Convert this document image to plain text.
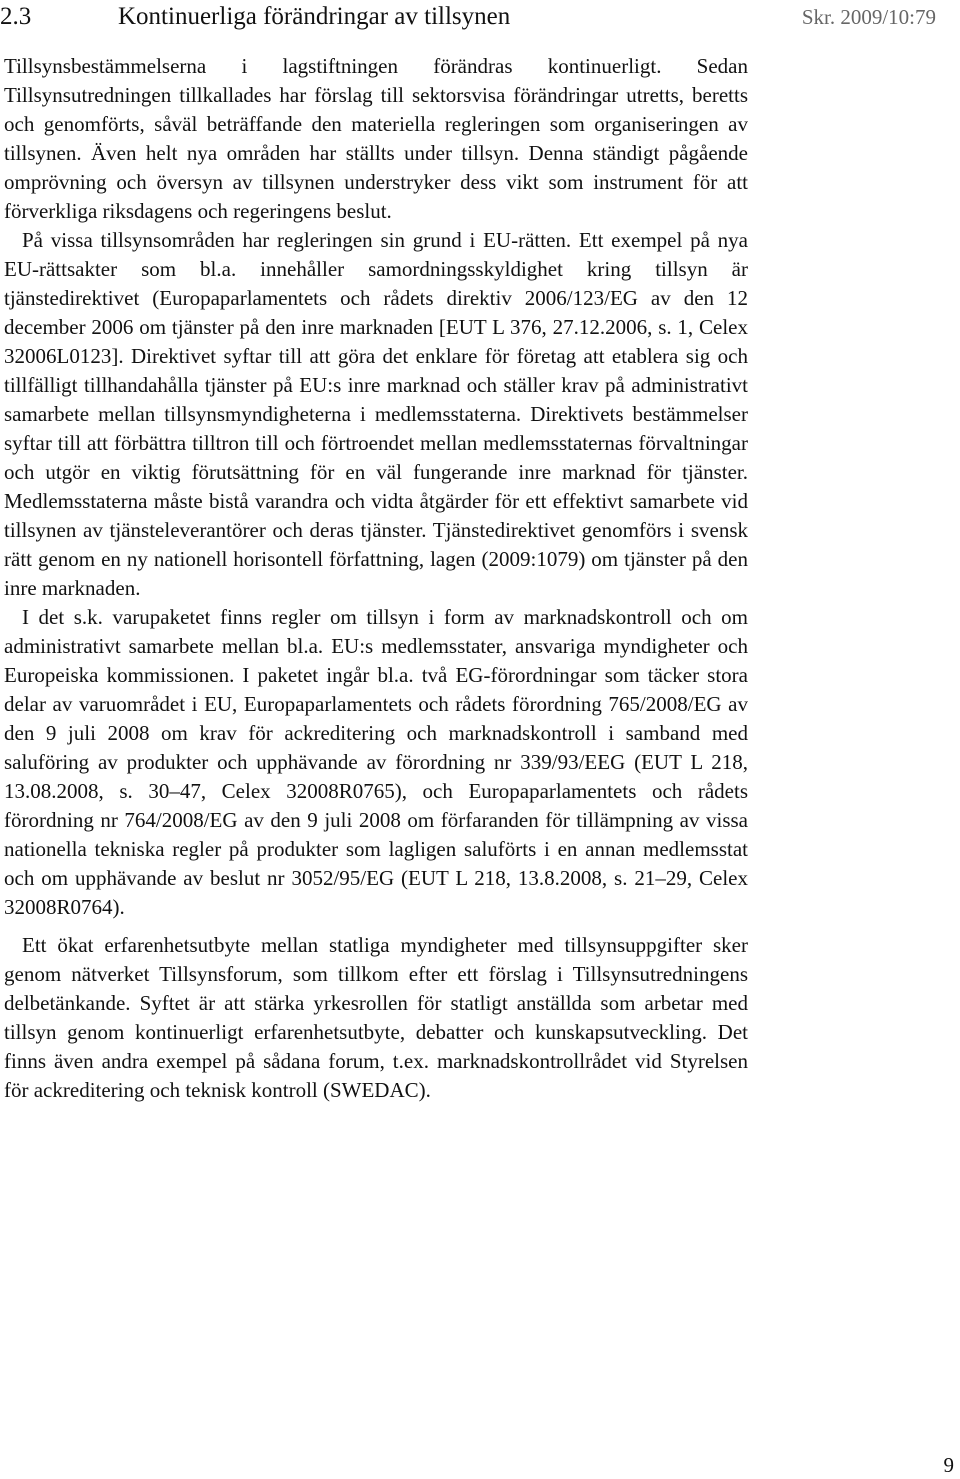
2.3	Kontinuerliga förändringar av tillsynen	Skr. 2009/10:79

Tillsynsbestämmelserna i lagstiftningen förändras kontinuerligt. Sedan Tillsynsutredningen tillkallades har förslag till sektorsvisa förändringar utretts, beretts och genomförts, såväl beträffande den materiella regleringen som organiseringen av tillsynen. Även helt nya områden har ställts under tillsyn. Denna ständigt pågående omprövning och översyn av tillsynen understryker dess vikt som instrument för att förverkliga riksdagens och regeringens beslut.

På vissa tillsynsområden har regleringen sin grund i EU-rätten. Ett exempel på nya EU-rättsakter som bl.a. innehåller samordningsskyldighet kring tillsyn är tjänstedirektivet (Europaparlamentets och rådets direktiv 2006/123/EG av den 12 december 2006 om tjänster på den inre marknaden [EUT L 376, 27.12.2006, s. 1, Celex 32006L0123]. Direktivet syftar till att göra det enklare för företag att etablera sig och tillfälligt tillhandahålla tjänster på EU:s inre marknad och ställer krav på administrativt samarbete mellan tillsynsmyndigheterna i medlemsstaterna. Direktivets bestämmelser syftar till att förbättra tilltron till och förtroendet mellan medlemsstaternas förvaltningar och utgör en viktig förutsättning för en väl fungerande inre marknad för tjänster. Medlemsstaterna måste bistå varandra och vidta åtgärder för ett effektivt samarbete vid tillsynen av tjänsteleverantörer och deras tjänster. Tjänstedirektivet genomförs i svensk rätt genom en ny nationell horisontell författning, lagen (2009:1079) om tjänster på den inre marknaden.

I det s.k. varupaketet finns regler om tillsyn i form av marknadskontroll och om administrativt samarbete mellan bl.a. EU:s medlemsstater, ansvariga myndigheter och Europeiska kommissionen. I paketet ingår bl.a. två EG-förordningar som täcker stora delar av varuområdet i EU, Europaparlamentets och rådets förordning 765/2008/EG av den 9 juli 2008 om krav för ackreditering och marknadskontroll i samband med saluföring av produkter och upphävande av förordning nr 339/93/EEG (EUT L 218, 13.08.2008, s. 30–47, Celex 32008R0765), och Europaparlamentets och rådets förordning nr 764/2008/EG av den 9 juli 2008 om förfaranden för tillämpning av vissa nationella tekniska regler på produkter som lagligen saluförts i en annan medlemsstat och om upphävande av beslut nr 3052/95/EG (EUT L 218, 13.8.2008, s. 21–29, Celex 32008R0764).

Ett ökat erfarenhetsutbyte mellan statliga myndigheter med tillsynsuppgifter sker genom nätverket Tillsynsforum, som tillkom efter ett förslag i Tillsynsutredningens delbetänkande. Syftet är att stärka yrkesrollen för statligt anställda som arbetar med tillsyn genom kontinuerligt erfarenhetsutbyte, debatter och kunskapsutveckling. Det finns även andra exempel på sådana forum, t.ex. marknadskontrollrådet vid Styrelsen för ackreditering och teknisk kontroll (SWEDAC).

9
